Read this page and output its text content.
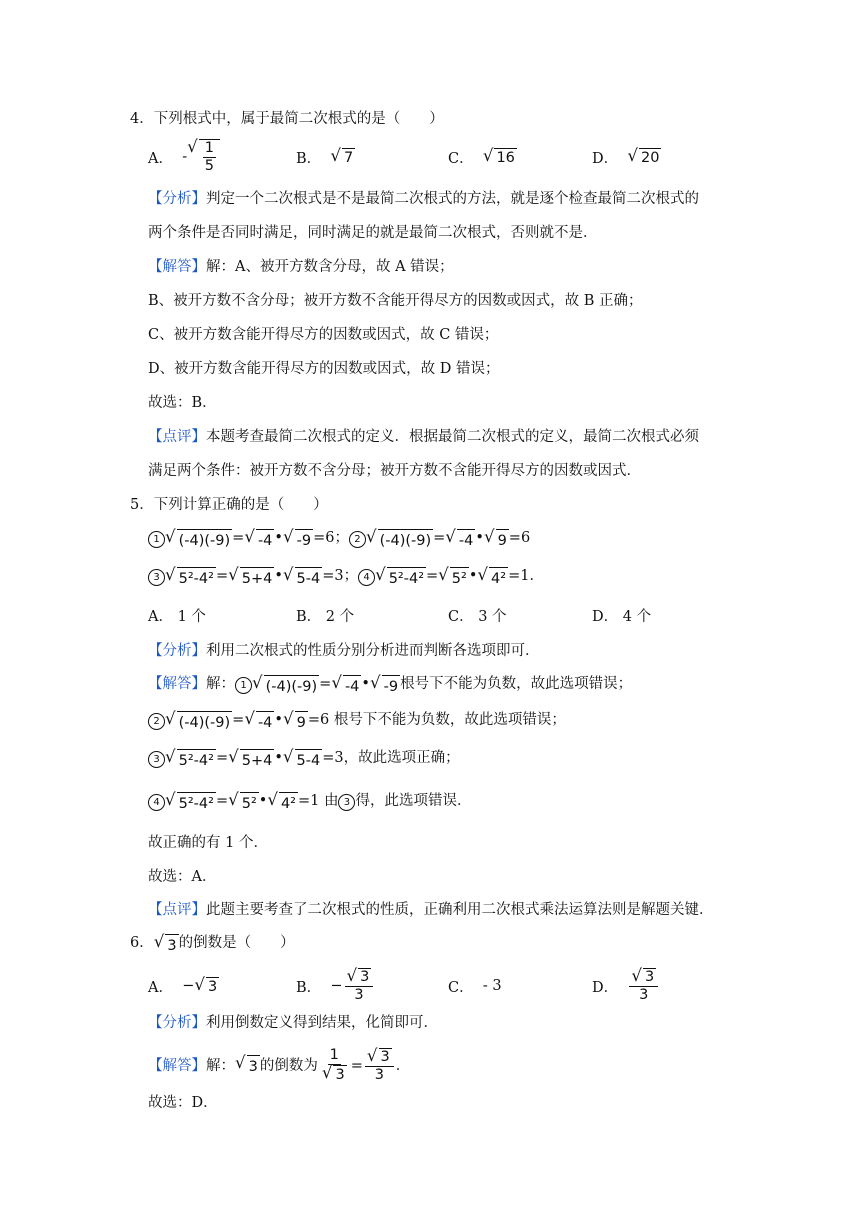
4．下列根式中，属于最简二次根式的是（　　）
A．
-
√ $\frac{1}{5}$	B．
√ 7	C．
√ 16	D．
√ 20
【分析】判定一个二次根式是不是最简二次根式的方法，就是逐个检查最简二次根式的
两个条件是否同时满足，同时满足的就是最简二次根式，否则就不是．
【解答】解：A、被开方数含分母，故 A 错误；
B、被开方数不含分母；被开方数不含能开得尽方的因数或因式，故 B 正确；
C、被开方数含能开得尽方的因数或因式，故 C 错误；
D、被开方数含能开得尽方的因数或因式，故 D 错误；
故选：B．
【点评】本题考查最简二次根式的定义．根据最简二次根式的定义，最简二次根式必须
满足两个条件：被开方数不含分母；被开方数不含能开得尽方的因数或因式．
5．下列计算正确的是（　　）
1 √ (-4)(-9) = √ -4 • √ -9 =6； 2 √ (-4)(-9) = √ -4 • √ 9 =6
3 √ 5²-4² = √ 5+4 • √ 5-4 =3； 4 √ 5²-4² = √ 5² • √ 4² =1．
A．
1 个	B．
2 个	C．
3 个	D．
4 个
【分析】利用二次根式的性质分别分析进而判断各选项即可．
【解答】解： 1 √ (-4)(-9) = √ -4 • √ -9 根号下不能为负数，故此选项错误；
2 √ (-4)(-9) = √ -4 • √ 9 =6 根号下不能为负数，故此选项错误；
3 √ 5²-4² = √ 5+4 • √ 5-4 =3，故此选项正确；
4 √ 5²-4² = √ 5² • √ 4² =1 由 3 得，此选项错误．
故正确的有 1 个．
故选：A．
【点评】此题主要考查了二次根式的性质，正确利用二次根式乘法运算法则是解题关键．
6． √ 3 的倒数是（　　）
A．
− √ 3	B．
− $\frac{√ 3}{3}$	C．
- 3	D．
$\frac{√ 3}{3}$
【分析】利用倒数定义得到结果，化简即可．
【解答】 解： √ 3 的倒数为 $\frac{1}{√ 3} = \frac{√ 3}{3}$ ．
故选：D．
